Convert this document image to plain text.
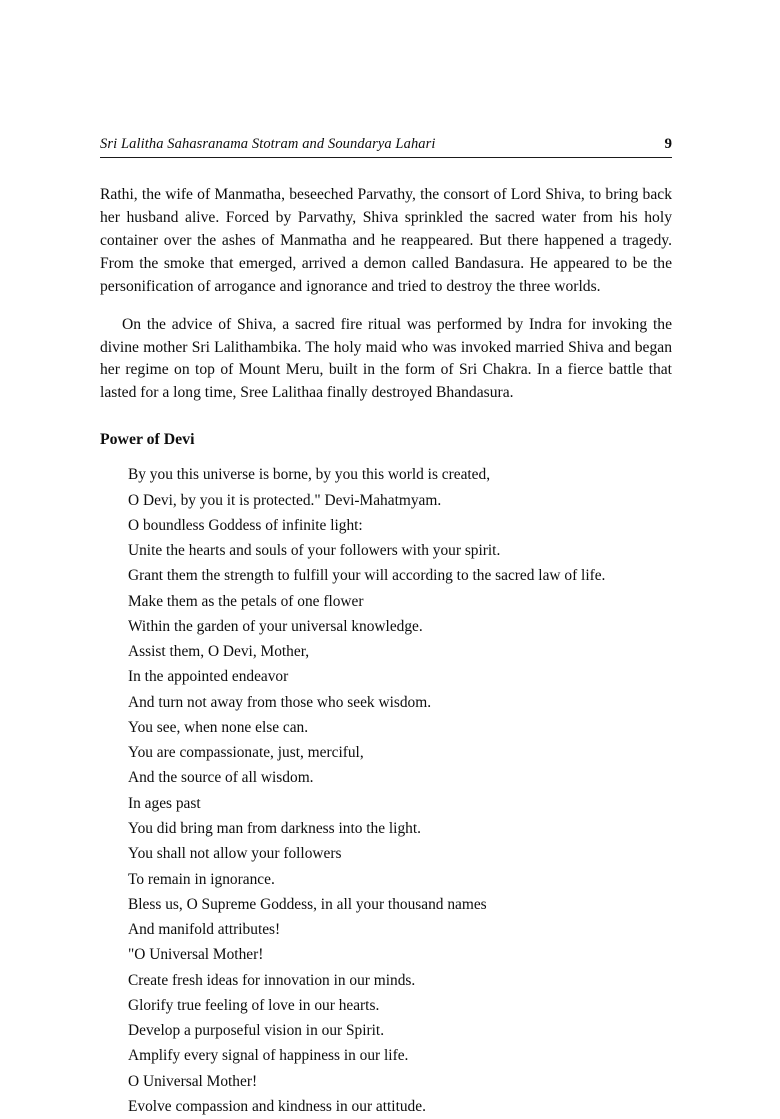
Sri Lalitha Sahasranama Stotram and Soundarya Lahari	9

Rathi, the wife of Manmatha, beseeched Parvathy, the consort of Lord Shiva, to bring back her husband alive. Forced by Parvathy, Shiva sprinkled the sacred water from his holy container over the ashes of Manmatha and he reappeared. But there happened a tragedy. From the smoke that emerged, arrived a demon called Bandasura. He appeared to be the personification of arrogance and ignorance and tried to destroy the three worlds.

On the advice of Shiva, a sacred fire ritual was performed by Indra for invoking the divine mother Sri Lalithambika. The holy maid who was invoked married Shiva and began her regime on top of Mount Meru, built in the form of Sri Chakra. In a fierce battle that lasted for a long time, Sree Lalithaa finally destroyed Bhandasura.

Power of Devi
By you this universe is borne, by you this world is created,
O Devi, by you it is protected." Devi-Mahatmyam.
O boundless Goddess of infinite light:
Unite the hearts and souls of your followers with your spirit.
Grant them the strength to fulfill your will according to the sacred law of life.
Make them as the petals of one flower
Within the garden of your universal knowledge.
Assist them, O Devi, Mother,
In the appointed endeavor
And turn not away from those who seek wisdom.
You see, when none else can.
You are compassionate, just, merciful,
And the source of all wisdom.
In ages past
You did bring man from darkness into the light.
You shall not allow your followers
To remain in ignorance.
Bless us, O Supreme Goddess, in all your thousand names
And manifold attributes!
"O Universal Mother!
Create fresh ideas for innovation in our minds.
Glorify true feeling of love in our hearts.
Develop a purposeful vision in our Spirit.
Amplify every signal of happiness in our life.
O Universal Mother!
Evolve compassion and kindness in our attitude.
